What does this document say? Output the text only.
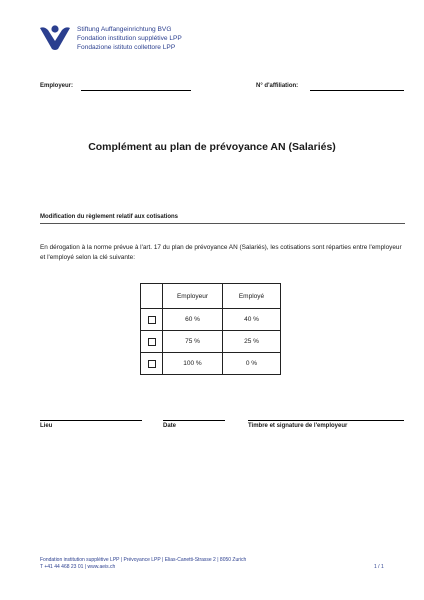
Stiftung Auffangeinrichtung BVG
Fondation institution supplétive LPP
Fondazione istituto collettore LPP
Employeur:	N° d'affiliation:
Complément au plan de prévoyance AN (Salariés)
Modification du règlement relatif aux cotisations
En dérogation à la norme prévue à l'art. 17 du plan de prévoyance AN (Salariés), les cotisations sont réparties entre l'employeur et l'employé selon la clé suivante:
	Employeur	Employé
	60 %	40 %
	75 %	25 %
	100 %	0 %
Lieu	Date	Timbre et signature de l'employeur
Fondation institution supplétive LPP | Prévoyance LPP | Elias-Canetti-Strasse 2 | 8050 Zurich
T +41 44 468 23 01 | www.aeis.ch	1 / 1
